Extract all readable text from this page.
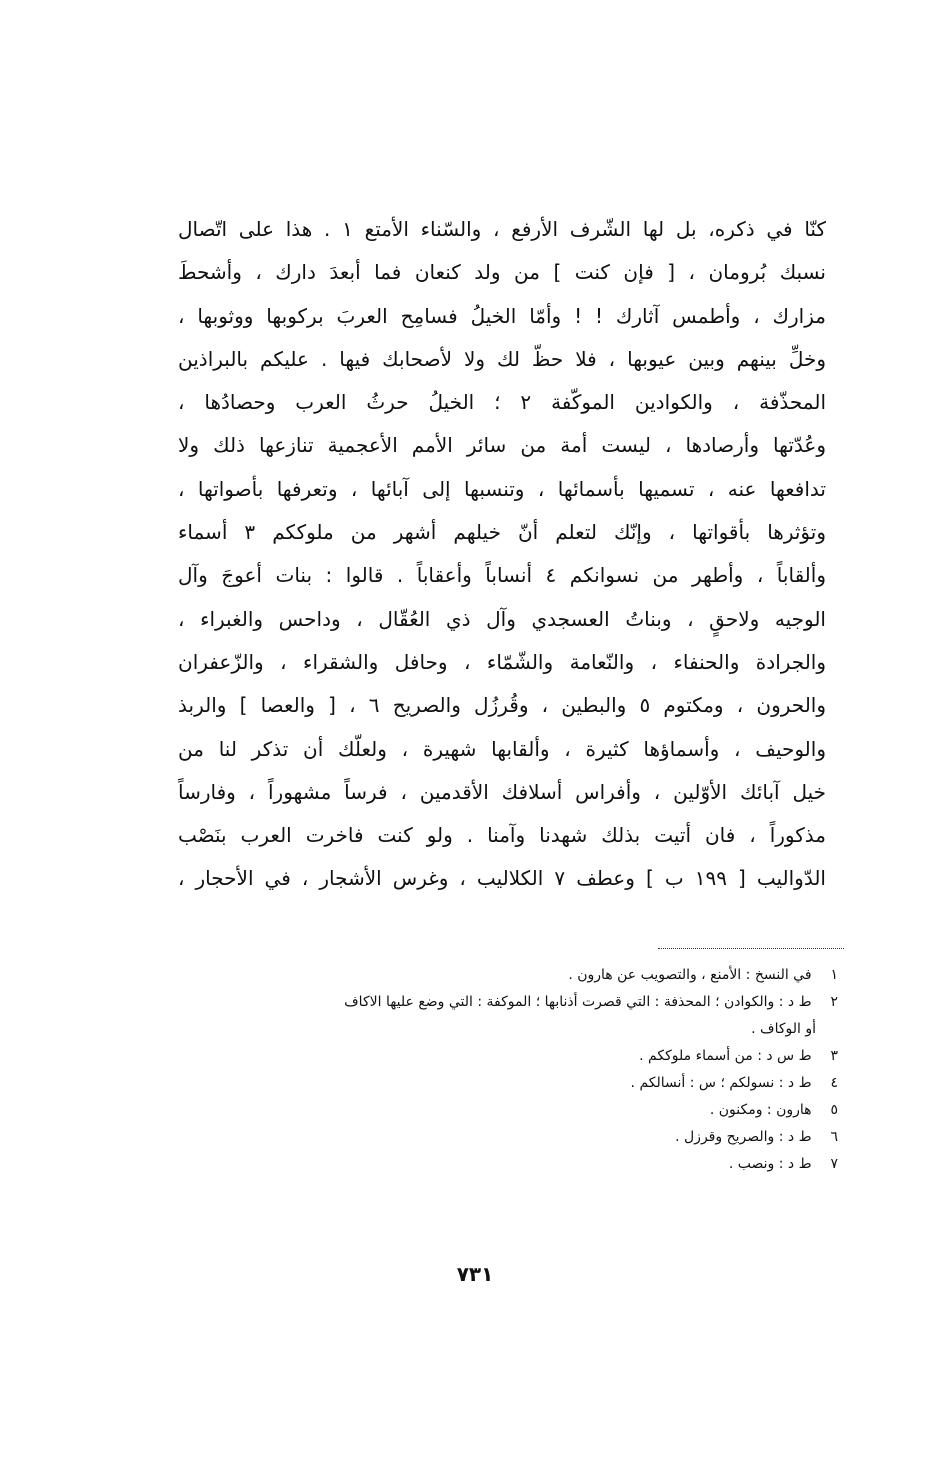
كنّا في ذكره، بل لها الشّرف الأرفع ، والسّناء الأمتع ١ . هذا على اتّصال
نسبك بُرومان ، [ فإن كنت ] من ولد كنعان فما أبعدَ دارك ، وأشحطَ
مزارك ، وأطمس آثارك ! ! وأمّا الخيلُ فسامِح العربَ بركوبها ووثوبها ،
وخلِّ بينهم وبين عيوبها ، فلا حظّ لك ولا لأصحابك فيها . عليكم بالبراذين
المحذّفة ، والكوادين الموكّفة ٢ ؛ الخيلُ حرثُ العرب وحصادُها ،
وعُدّتها وأرصادها ، ليست أمة من سائر الأمم الأعجمية تنازعها ذلك ولا
تدافعها عنه ، تسميها بأسمائها ، وتنسبها إلى آبائها ، وتعرفها بأصواتها ،
وتؤثرها بأقواتها ، وإنّك لتعلم أنّ خيلهم أشهر من ملوككم ٣ أسماء
وألقاباً ، وأطهر من نسوانكم ٤ أنساباً وأعقاباً . قالوا : بنات أعوجَ وآل
الوجيه ولاحقٍ ، وبناتُ العسجدي وآل ذي العُقّال ، وداحس والغبراء ،
والجرادة والحنفاء ، والنّعامة والشّمّاء ، وحافل والشقراء ، والزّعفران
والحرون ، ومكتوم ٥ والبطين ، وقُرزُل والصريح ٦ ، [ والعصا ] والربذ
والوحيف ، وأسماؤها كثيرة ، وألقابها شهيرة ، ولعلّك أن تذكر لنا من
خيل آبائك الأوّلين ، وأفراس أسلافك الأقدمين ، فرساً مشهوراً ، وفارساً
مذكوراً ، فان أتيت بذلك شهدنا وآمنا . ولو كنت فاخرت العرب بنَصْب
الدّواليب [ ١٩٩ ب ] وعطف ٧ الكلاليب ، وغرس الأشجار ، في الأحجار ،
١ في النسخ : الأمنع ، والتصويب عن هارون .
٢ ط د : والكوادن ؛ المحذفة : التي قصرت أذنابها ؛ الموكفة : التي وضع عليها الاكاف
أو الوكاف .
٣ ط س د : من أسماء ملوككم .
٤ ط د : نسولكم ؛ س : أنسالكم .
٥ هارون : ومكنون .
٦ ط د : والصريح وقرزل .
٧ ط د : ونصب .
٧٣١
